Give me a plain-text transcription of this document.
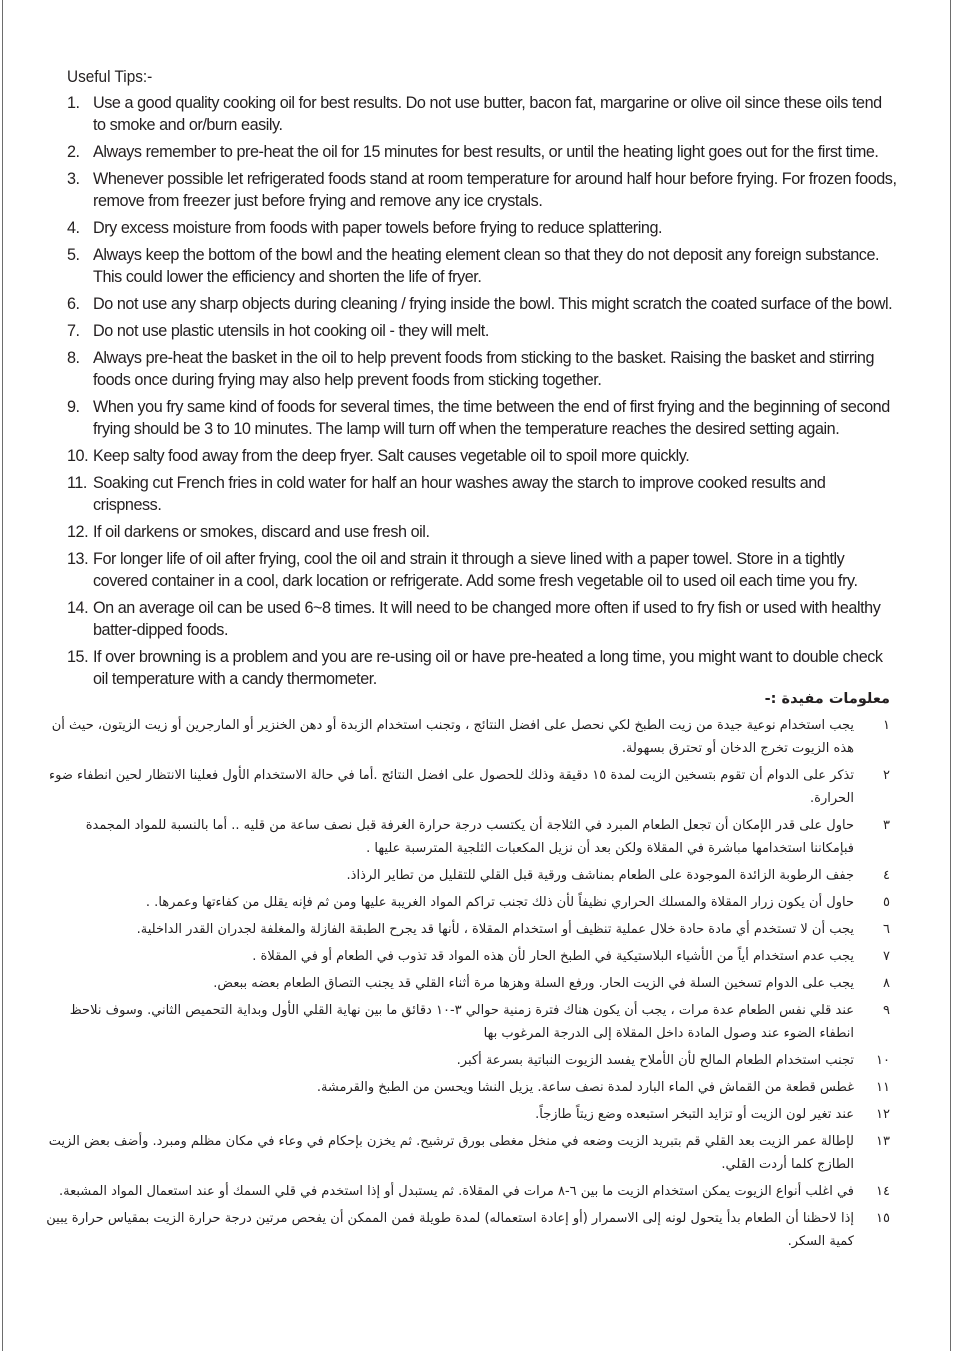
Useful Tips:-
1. Use a good quality cooking oil for best results. Do not use butter, bacon fat, margarine or olive oil since these oils tend to smoke and or/burn easily.
2. Always remember to pre-heat the oil for 15 minutes for best results, or until the heating light goes out for the first time.
3. Whenever possible let refrigerated foods stand at room temperature for around half hour before frying. For frozen foods, remove from freezer just before frying and remove any ice crystals.
4. Dry excess moisture from foods with paper towels before frying to reduce splattering.
5. Always keep the bottom of the bowl and the heating element clean so that they do not deposit any foreign substance. This could lower the efficiency and shorten the life of fryer.
6. Do not use any sharp objects during cleaning / frying inside the bowl. This might scratch the coated surface of the bowl.
7. Do not use plastic utensils in hot cooking oil - they will melt.
8. Always pre-heat the basket in the oil to help prevent foods from sticking to the basket. Raising the basket and stirring foods once during frying may also help prevent foods from sticking together.
9. When you fry same kind of foods for several times, the time between the end of first frying and the beginning of second frying should be 3 to 10 minutes. The lamp will turn off when the temperature reaches the desired setting again.
10. Keep salty food away from the deep fryer. Salt causes vegetable oil to spoil more quickly.
11. Soaking cut French fries in cold water for half an hour washes away the starch to improve cooked results and crispness.
12. If oil darkens or smokes, discard and use fresh oil.
13. For longer life of oil after frying, cool the oil and strain it through a sieve lined with a paper towel. Store in a tightly covered container in a cool, dark location or refrigerate. Add some fresh vegetable oil to used oil each time you fry.
14. On an average oil can be used 6~8 times. It will need to be changed more often if used to fry fish or used with healthy batter-dipped foods.
15. If over browning is a problem and you are re-using oil or have pre-heated a long time, you might want to double check oil temperature with a candy thermometer.
معلومات مفيدة :-
١
يجب استخدام نوعية جيدة من زيت الطبخ لكي نحصل على افضل النتائج ، وتجنب استخدام الزبدة أو دهن الخنزير أو المارجرين أو زيت الزيتون، حيث أن هذه الزيوت تخرج الدخان أو تحترق بسهولة.
٢
تذكر على الدوام أن تقوم بتسخين الزيت لمدة ١٥ دقيقة وذلك للحصول على افضل النتائج .أما في حالة الاستخدام الأول فعلينا الانتظار لحين انطفاء ضوء الحرارة.
٣
حاول على قدر الإمكان أن تجعل الطعام المبرد في الثلاجة أن يكتسب درجة حرارة الغرفة قبل نصف ساعة من قليه .. أما بالنسبة للمواد المجمدة فبإمكاننا استخدامها مباشرة في المقلاة ولكن بعد أن نزيل المكعبات الثلجية المترسبة عليها .
٤
جفف الرطوبة الزائدة الموجودة على الطعام بمناشف ورقية قبل القلي للتقليل من تطاير الرذاذ.
٥
حاول أن يكون زرار المقلاة والمسلك الحراري نظيفاً لأن ذلك تجنب تراكم المواد الغريبة عليها ومن ثم فإنه يقلل من كفاءتها وعمرها. .
٦
يجب أن لا تستخدم أي مادة حادة خلال عملية تنظيف أو استخدام المقلاة ، لأنها قد يجرح الطبقة الفازلة والمغلفة لجدران القدر الداخلية.
٧
يجب عدم استخدام أياً من الأشياء البلاستيكية في الطبخ الحار لأن هذه المواد قد تذوب في الطعام أو في المقلاة .
٨
يجب على الدوام تسخين السلة في الزيت الحار. ورفع السلة وهزها مرة أثناء القلي قد يجنب التصاق الطعام بعضه ببعض.
٩
عند قلي نفس الطعام عدة مرات ، يجب أن يكون هناك فترة زمنية حوالي ٣-١٠ دقائق ما بين نهاية القلي الأول وبداية التحميص الثاني. وسوف نلاحظ انطفاء الضوء عند وصول المادة داخل المقلاة إلى الدرجة المرغوب بها
١٠
تجنب استخدام الطعام المالح لأن الأملاح يفسد الزيوت النباتية بسرعة أكبر.
١١
غطس قطعة من القماش في الماء البارد لمدة نصف ساعة. يزيل النشا ويحسن من الطبخ والقرمشة.
١٢
عند تغير لون الزيت أو تزايد التبخر استبعده وضع زيتاً طازجاً.
١٣
لإطالة عمر الزيت بعد القلي قم بتبريد الزيت وضعه في منخل مغطى بورق ترشيح. ثم يخزن بإحكام في وعاء في مكان مظلم ومبرد. وأضف بعض الزيت الطازج كلما أردت القلي.
١٤
في اغلب أنواع الزيوت يمكن استخدام الزيت ما بين ٦-٨ مرات في المقلاة. ثم يستبدل أو إذا استخدم في قلي السمك أو عند استعمال المواد المشبعة.
١٥
إذا لاحظنا أن الطعام بدأ يتحول لونه إلى الاسمرار (أو إعادة استعماله) لمدة طويلة فمن الممكن أن يفحص مرتين درجة حرارة الزيت بمقياس حرارة يبين كمية السكر.
